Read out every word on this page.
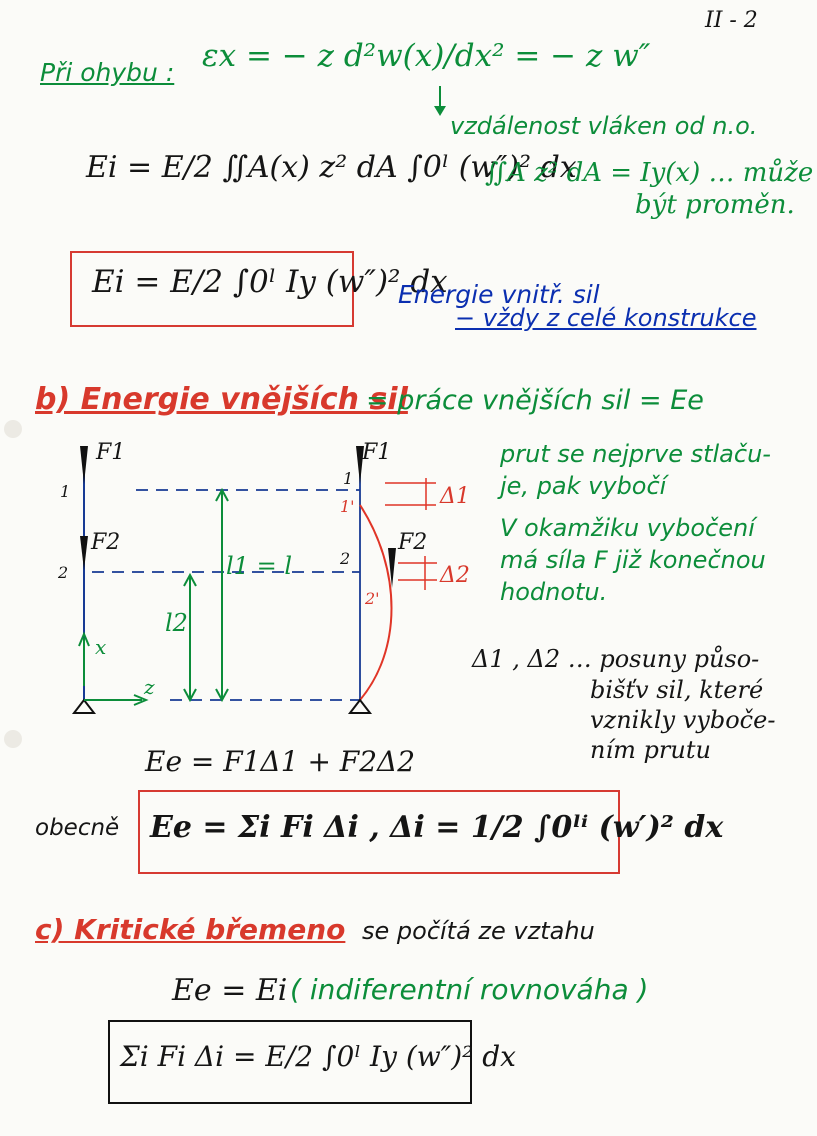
II - 2
Při ohybu : εx = − z d²w(x)/dx² = − z w″
vzdálenost vláken od n.o.
Ei = E/2 ∬A(x) z² dA ∫0ˡ (w″)² dx
∬A z² dA = Iy(x) … může
být proměn.
Ei = E/2 ∫0ˡ Iy (w″)² dx
Energie vnitř. sil
− vždy z celé konstrukce
b) Energie vnějších sil
= práce vnějších sil = Ee
prut se nejprve stlaču-
je, pak vybočí
V okamžiku vybočení
má síla F již konečnou
hodnotu.
Δ1 , Δ2 … posuny půso-
bišťv sil, které
vznikly vybočе-
ním prutu
Ee = F1Δ1 + F2Δ2
obecně Ee = Σi Fi Δi , Δi = 1/2 ∫0ˡⁱ (w′)² dx
c) Kritické břemeno se počítá ze vztahu
Ee = Ei ( indiferentní rovnováha )
Σi Fi Δi = E/2 ∫0ˡ Iy (w″)² dx
F1
F2
F1
F2
1
2
1
2
1'
2'
l1 = l
l2
x
z
Δ1
Δ2
